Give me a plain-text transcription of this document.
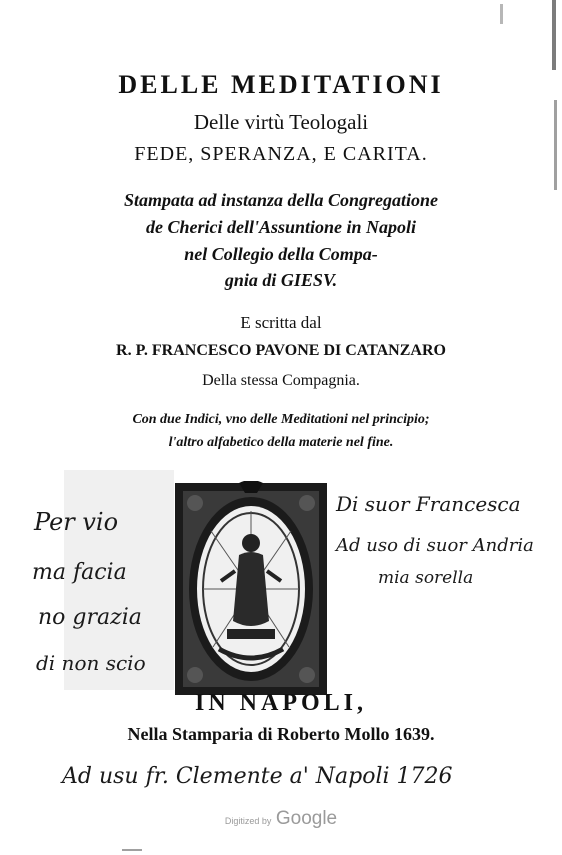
DELLE MEDITATIONI
Delle virtù Teologali
FEDE, SPERANZA, E CARITA.
Stampata ad instanza della Congregatione
de Cherici dell'Assuntione in Napoli
nel Collegio della Compa-
gnia di GIESV.
E scritta dal
R. P. FRANCESCO PAVONE DI CATANZARO
Della stessa Compagnia.
Con due Indici, vno delle Meditationi nel principio;
l'altro alfabetico della materie nel fine.
Per vio
ma facia
no grazia
di non scio
Di suor Francesca
Ad uso di suor Andria
mia sorella
IN NAPOLI,
Nella Stamparia di Roberto Mollo 1639.
Ad usu fr. Clemente a' Napoli 1726
Digitized by Google
